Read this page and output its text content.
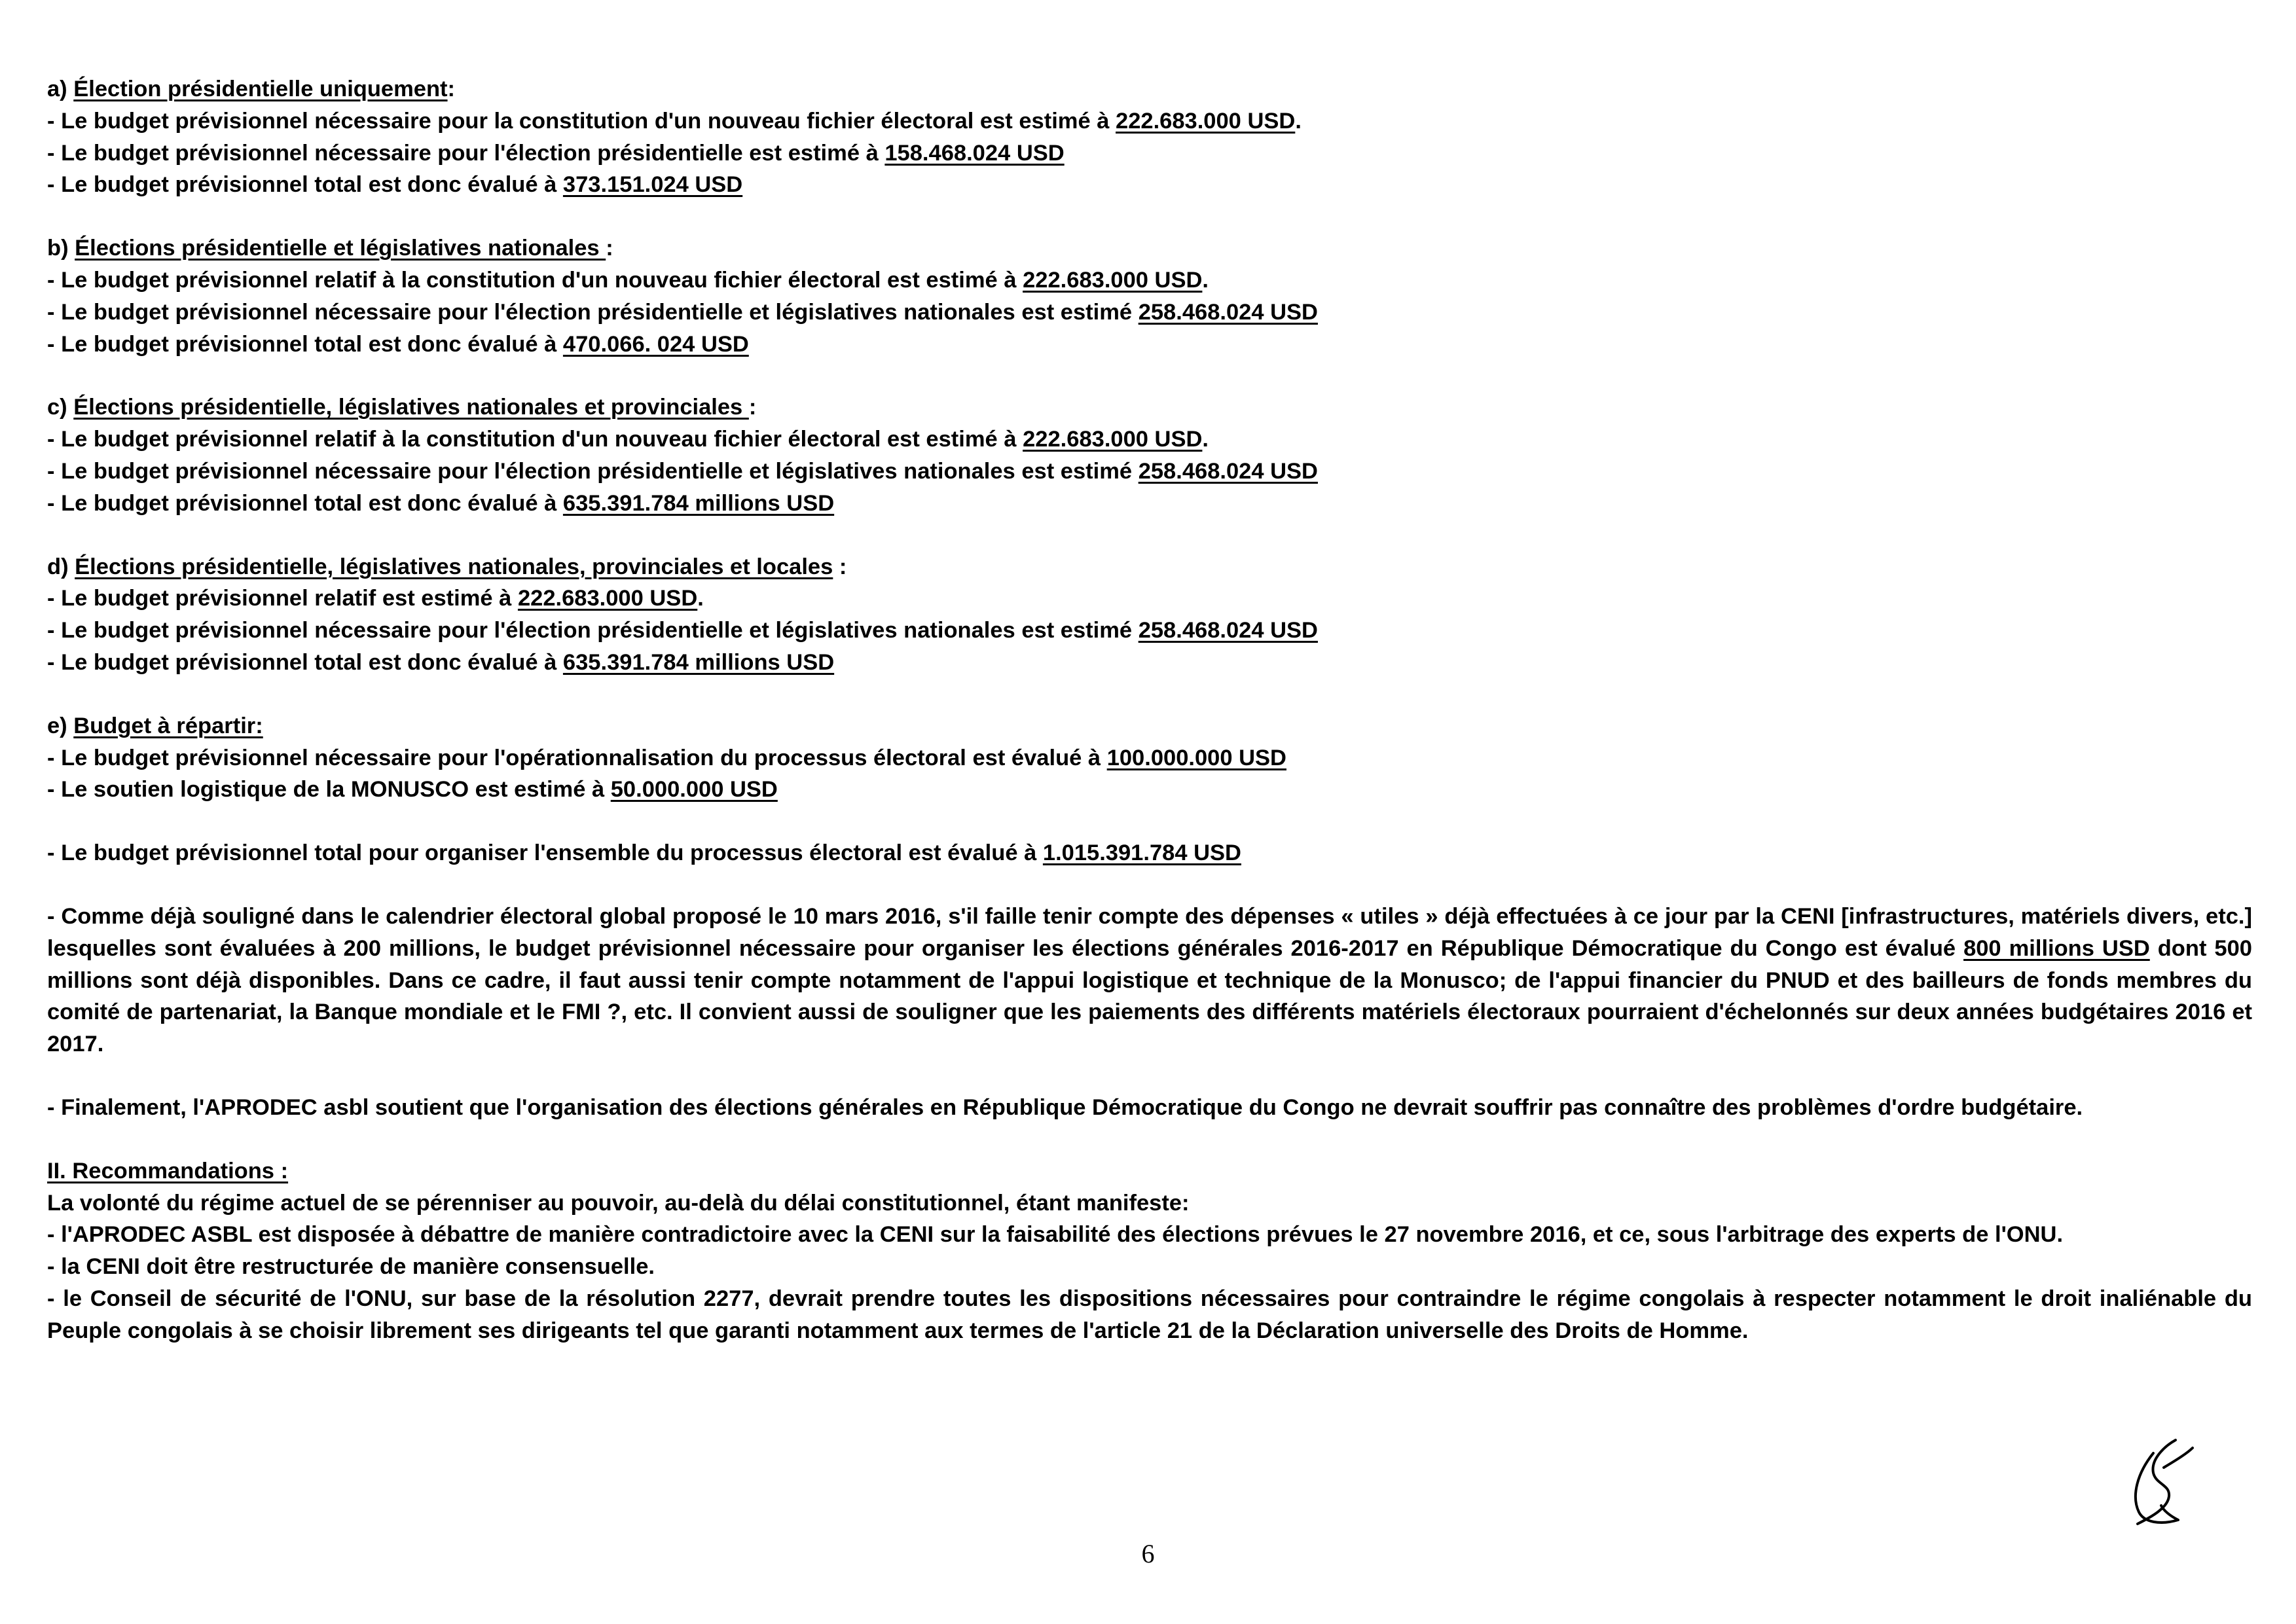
a) Élection présidentielle uniquement:
- Le budget prévisionnel nécessaire pour la constitution d'un nouveau fichier électoral est estimé à 222.683.000 USD.
- Le budget prévisionnel nécessaire pour l'élection présidentielle est estimé à 158.468.024 USD
- Le budget prévisionnel total est donc évalué à 373.151.024 USD
b) Élections présidentielle et législatives nationales :
- Le budget prévisionnel relatif à la constitution d'un nouveau fichier électoral est estimé à 222.683.000 USD.
- Le budget prévisionnel nécessaire pour l'élection présidentielle et législatives nationales est estimé 258.468.024 USD
- Le budget prévisionnel total est donc évalué à 470.066. 024 USD
c) Élections présidentielle, législatives nationales et provinciales :
- Le budget prévisionnel relatif à la constitution d'un nouveau fichier électoral est estimé à 222.683.000 USD.
- Le budget prévisionnel nécessaire pour l'élection présidentielle et législatives nationales est estimé 258.468.024 USD
- Le budget prévisionnel total est donc évalué à 635.391.784 millions USD
d) Élections présidentielle, législatives nationales, provinciales et locales :
- Le budget prévisionnel relatif est estimé à 222.683.000 USD.
- Le budget prévisionnel nécessaire pour l'élection présidentielle et législatives nationales est estimé 258.468.024 USD
- Le budget prévisionnel total est donc évalué à 635.391.784 millions USD
e) Budget à répartir:
- Le budget prévisionnel nécessaire pour l'opérationnalisation du processus électoral est évalué à 100.000.000 USD
- Le soutien logistique de la MONUSCO est estimé à 50.000.000 USD
- Le budget prévisionnel total pour organiser l'ensemble du processus électoral est évalué à 1.015.391.784 USD
- Comme déjà souligné dans le calendrier électoral global proposé le 10 mars 2016, s'il faille tenir compte des dépenses « utiles » déjà effectuées à ce jour par la CENI [infrastructures, matériels divers, etc.] lesquelles sont évaluées à 200 millions, le budget prévisionnel nécessaire pour organiser les élections générales 2016-2017 en République Démocratique du Congo est évalué 800 millions USD dont 500 millions sont déjà disponibles. Dans ce cadre, il faut aussi tenir compte notamment de l'appui logistique et technique de la Monusco; de l'appui financier du PNUD et des bailleurs de fonds membres du comité de partenariat, la Banque mondiale et le FMI ?, etc. Il convient aussi de souligner que les paiements des différents matériels électoraux pourraient d'échelonnés sur deux années budgétaires 2016 et 2017.
- Finalement, l'APRODEC asbl soutient que l'organisation des élections générales en République Démocratique du Congo ne devrait souffrir pas connaître des problèmes d'ordre budgétaire.
II. Recommandations :
La volonté du régime actuel de se pérenniser au pouvoir, au-delà du délai constitutionnel, étant manifeste:
- l'APRODEC ASBL est disposée à débattre de manière contradictoire avec la CENI sur la faisabilité des élections prévues le 27 novembre 2016, et ce, sous l'arbitrage des experts de l'ONU.
- la CENI doit être restructurée de manière consensuelle.
- le Conseil de sécurité de l'ONU, sur base de la résolution 2277, devrait prendre toutes les dispositions nécessaires pour contraindre le régime congolais à respecter notamment le droit inaliénable du Peuple congolais à se choisir librement ses dirigeants tel que garanti notamment aux termes de l'article 21 de la Déclaration universelle des Droits de Homme.
6
